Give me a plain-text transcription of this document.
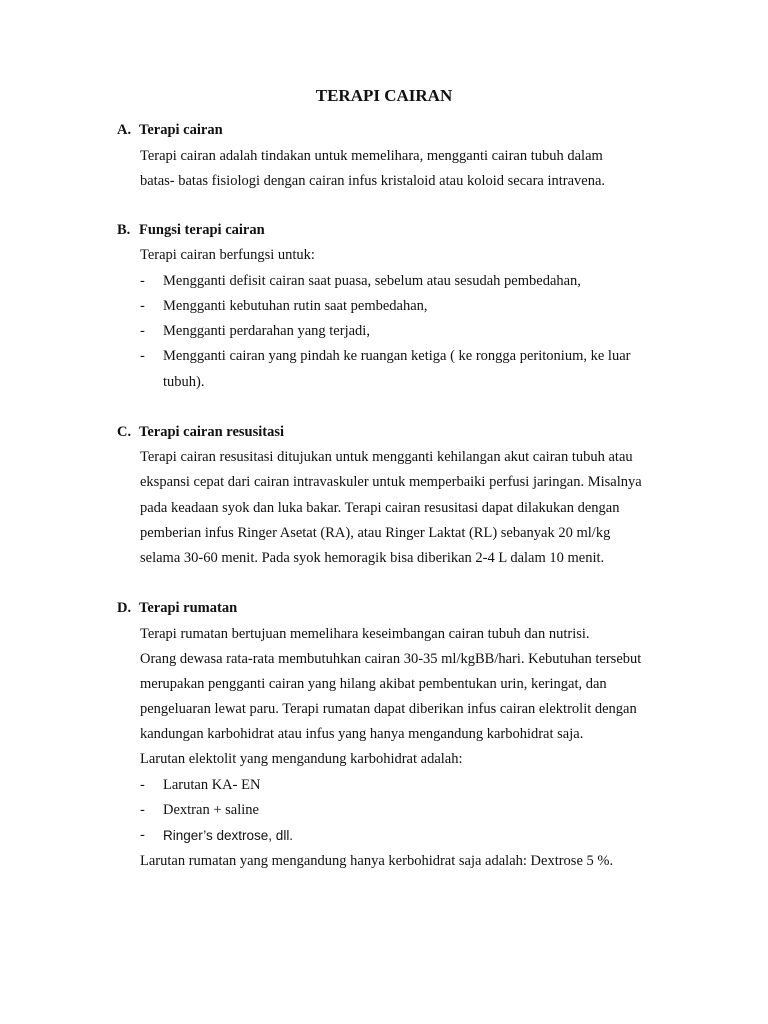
TERAPI CAIRAN
A. Terapi cairan
Terapi cairan adalah tindakan untuk memelihara, mengganti cairan tubuh dalam
batas- batas fisiologi dengan cairan infus kristaloid atau koloid secara intravena.
B. Fungsi terapi cairan
Terapi cairan berfungsi untuk:
- Mengganti defisit cairan saat puasa, sebelum atau sesudah pembedahan,
- Mengganti kebutuhan rutin saat pembedahan,
- Mengganti perdarahan yang terjadi,
- Mengganti cairan yang pindah ke ruangan ketiga ( ke rongga peritonium, ke luar
tubuh).
C. Terapi cairan resusitasi
Terapi cairan resusitasi ditujukan untuk mengganti kehilangan akut cairan tubuh atau
ekspansi cepat dari cairan intravaskuler untuk memperbaiki perfusi jaringan. Misalnya
pada keadaan syok dan luka bakar. Terapi cairan resusitasi dapat dilakukan dengan
pemberian infus Ringer Asetat (RA), atau Ringer Laktat (RL) sebanyak 20 ml/kg
selama 30-60 menit. Pada syok hemoragik bisa diberikan 2-4 L dalam 10 menit.
D. Terapi rumatan
Terapi rumatan bertujuan memelihara keseimbangan cairan tubuh dan nutrisi.
Orang dewasa rata-rata membutuhkan cairan 30-35 ml/kgBB/hari. Kebutuhan tersebut
merupakan pengganti cairan yang hilang akibat pembentukan urin, keringat, dan
pengeluaran lewat paru. Terapi rumatan dapat diberikan infus cairan elektrolit dengan
kandungan karbohidrat atau infus yang hanya mengandung karbohidrat saja.
Larutan elektolit yang mengandung karbohidrat adalah:
- Larutan KA- EN
- Dextran + saline
- Ringer’s dextrose, dll.
Larutan rumatan yang mengandung hanya kerbohidrat saja adalah: Dextrose 5 %.
